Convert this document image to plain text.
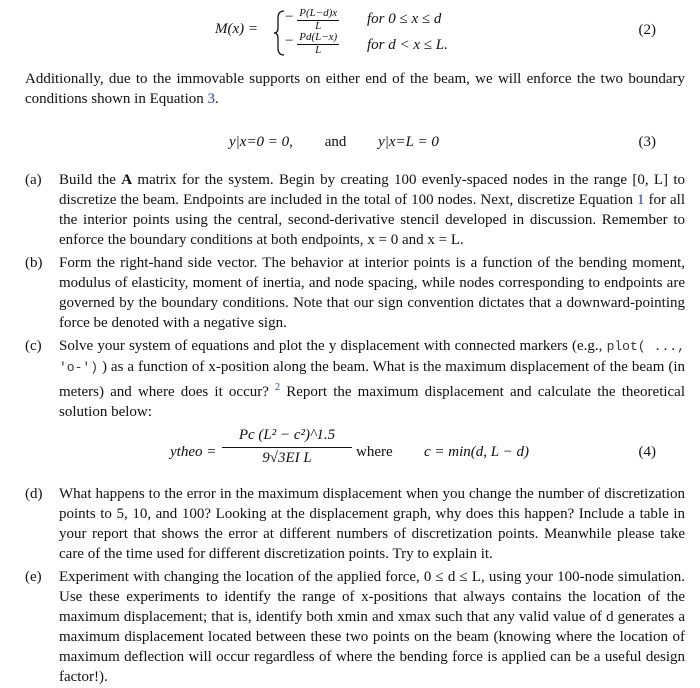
M(x) =
− $\frac{P(L-d)x}{L}$ for 0 ≤ x ≤ d
− $\frac{Pd(L-x)}{L}$ for d < x ≤ L.
(2)
Additionally, due to the immovable supports on either end of the beam, we will enforce the two boundary conditions shown in Equation 3.
y|x=0 = 0, and y|x=L = 0	(3)
(a)	Build the A matrix for the system. Begin by creating 100 evenly-spaced nodes in the range [0, L] to discretize the beam. Endpoints are included in the total of 100 nodes. Next, discretize Equation 1 for all the interior points using the central, second-derivative stencil developed in discussion. Remember to enforce the boundary conditions at both endpoints, x = 0 and x = L.
(b)	Form the right-hand side vector. The behavior at interior points is a function of the bending moment, modulus of elasticity, moment of inertia, and node spacing, while nodes corresponding to endpoints are governed by the boundary conditions. Note that our sign convention dictates that a downward-pointing force be denoted with a negative sign.
(c)	Solve your system of equations and plot the y displacement with connected markers (e.g., plot( ..., 'o-') ) as a function of x-position along the beam. What is the maximum displacement of the beam (in meters) and where does it occur? $^2$ Report the maximum displacement and calculate the theoretical solution below:
ytheo = $\frac{\text{Pc (L² − c²)\textasciicircum{}1.5}}{\text{9√3EI L}}$ where c = min(d, L − d)	(4)
(d)	What happens to the error in the maximum displacement when you change the number of discretization points to 5, 10, and 100? Looking at the displacement graph, why does this happen? Include a table in your report that shows the error at different numbers of discretization points. Meanwhile please take care of the time used for different discretization points. Try to explain it.
(e)	Experiment with changing the location of the applied force, 0 ≤ d ≤ L, using your 100-node simulation. Use these experiments to identify the range of x-positions that always contains the location of the maximum displacement; that is, identify both xmin and xmax such that any valid value of d generates a maximum displacement located between these two points on the beam (knowing where the location of maximum deflection will occur regardless of where the bending force is applied can be a useful design factor!).
